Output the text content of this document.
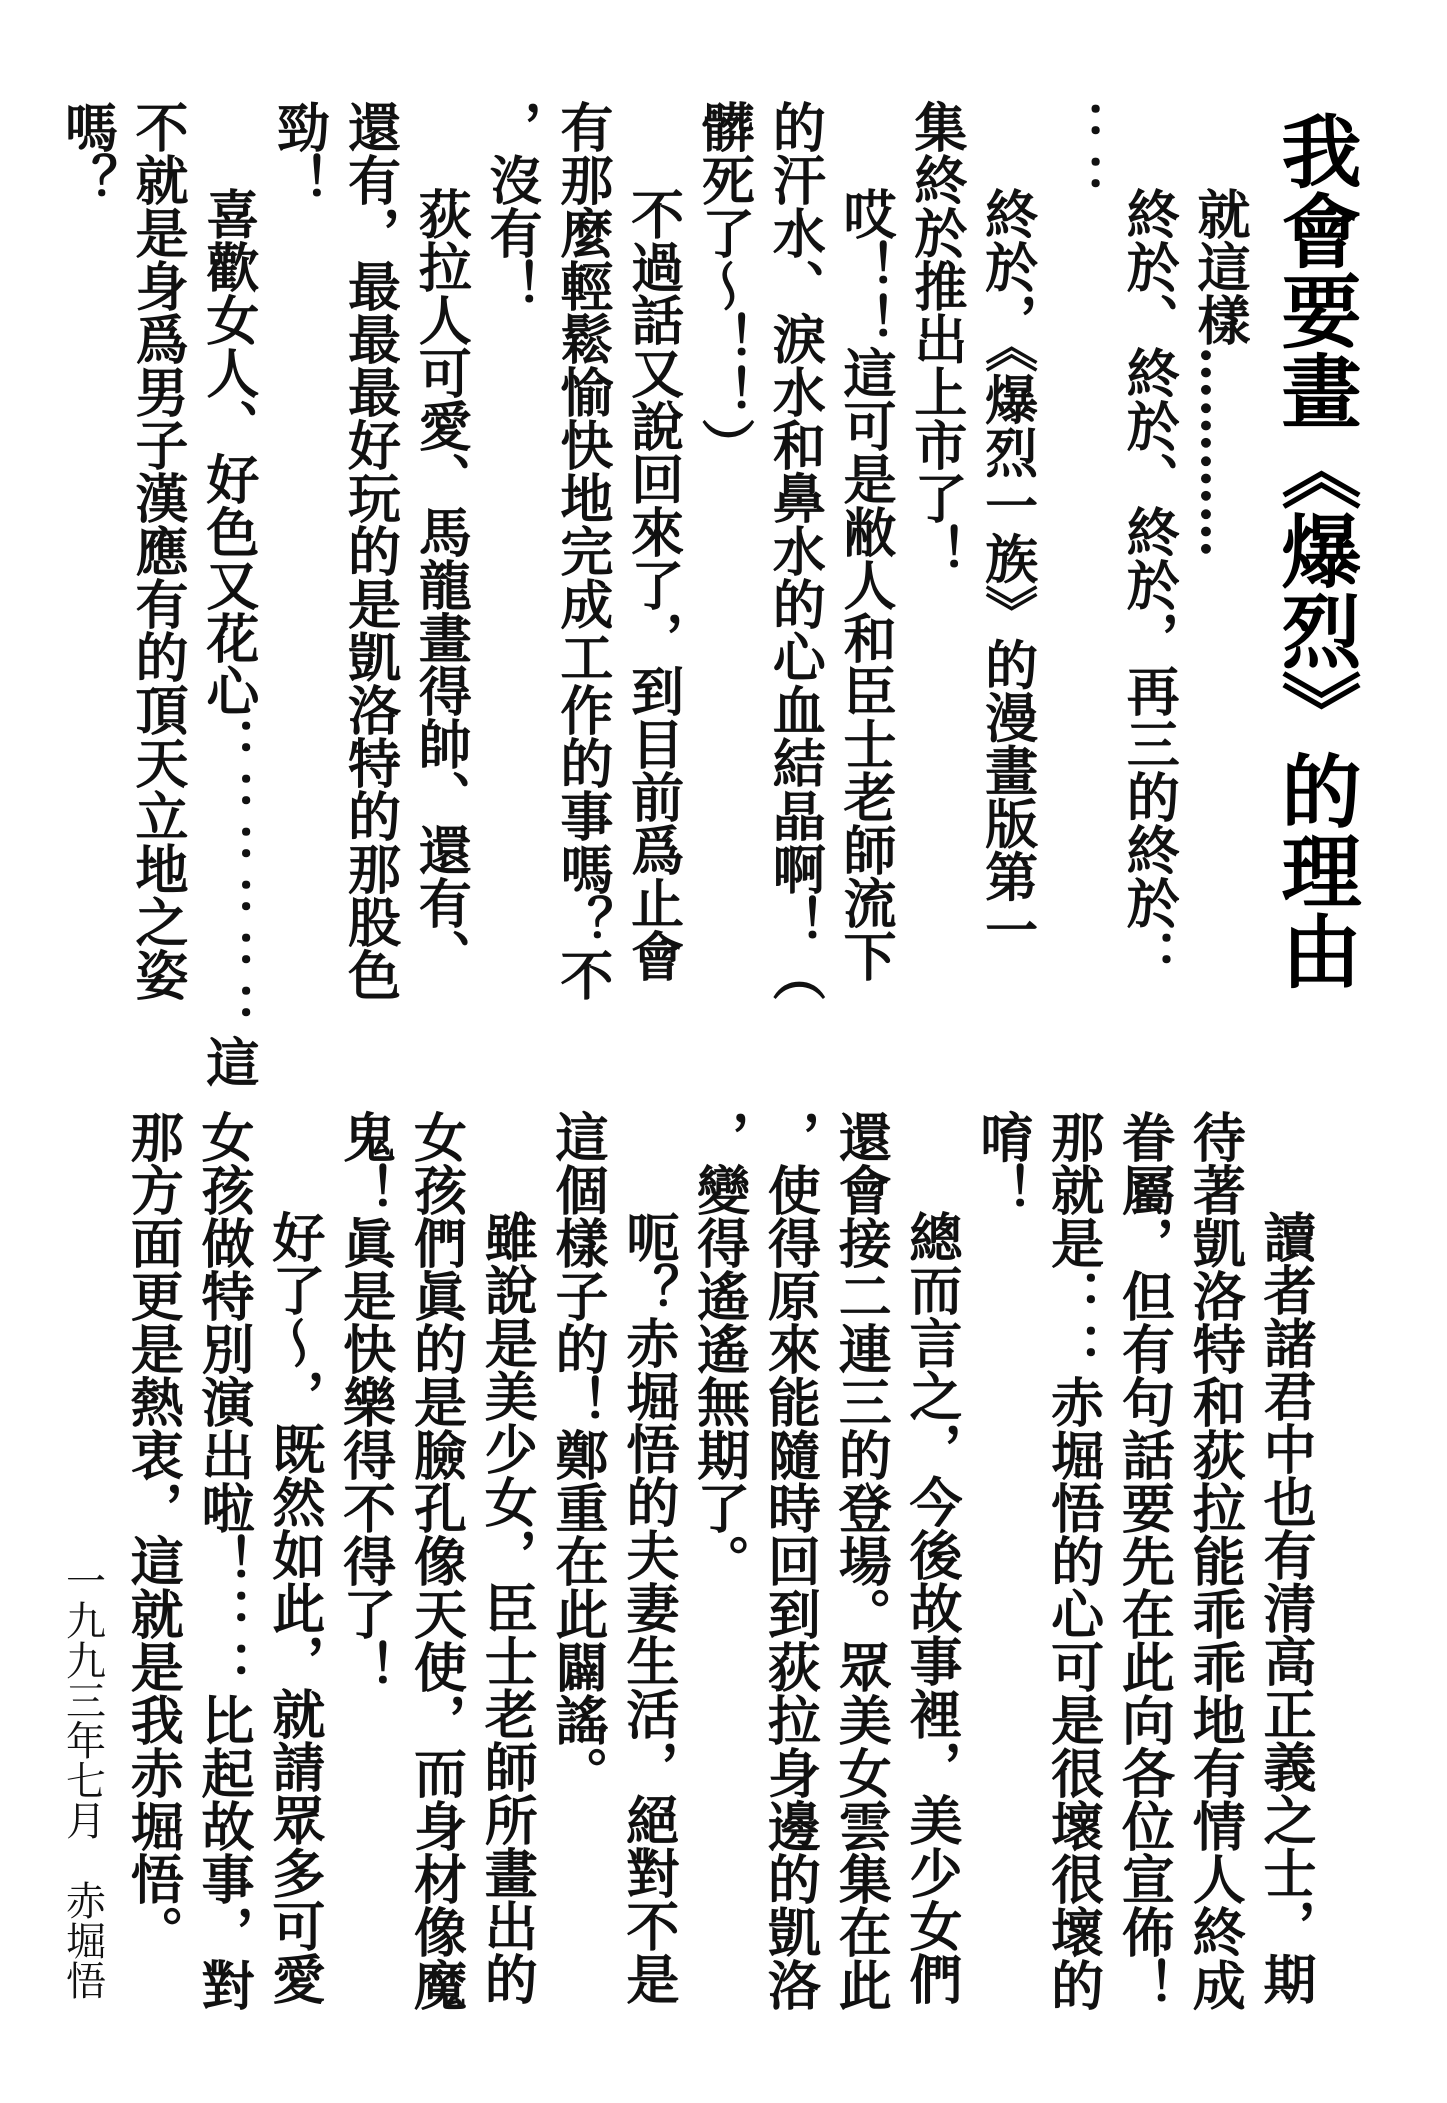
我會要畫《爆烈》的理由
就這樣…………
終於、終於、終於，再三的終於：
：：
終於，《爆烈一族》的漫畫版第一
集終於推出上市了！
哎！！這可是敝人和臣士老師流下
的汗水、淚水和鼻水的心血結晶啊！（
髒死了～！！）
不過話又說回來了，到目前爲止會
有那麼輕鬆愉快地完成工作的事嗎？不
，沒有！
荻拉人可愛、馬龍畫得帥、還有、
還有，最最最好玩的是凱洛特的那股色
勁！
喜歡女人、好色又花心：：：：：：這
不就是身爲男子漢應有的頂天立地之姿
嗎？
讀者諸君中也有清高正義之士，期
待著凱洛特和荻拉能乖乖地有情人終成
眷屬，但有句話要先在此向各位宣佈！
那就是：：赤堀悟的心可是很壞很壞的
唷！
總而言之，今後故事裡，美少女們
還會接二連三的登場。眾美女雲集在此
，使得原來能隨時回到荻拉身邊的凱洛
，變得遙遙無期了。
呃？赤堀悟的夫妻生活，絕對不是
這個樣子的！鄭重在此闢謠。
雖說是美少女，臣士老師所畫出的
女孩們眞的是臉孔像天使，而身材像魔
鬼！眞是快樂得不得了！
好了～，既然如此，就請眾多可愛
女孩做特別演出啦！：：比起故事，對
那方面更是熱衷，這就是我赤堀悟。
一九九三年七月　赤堀悟
